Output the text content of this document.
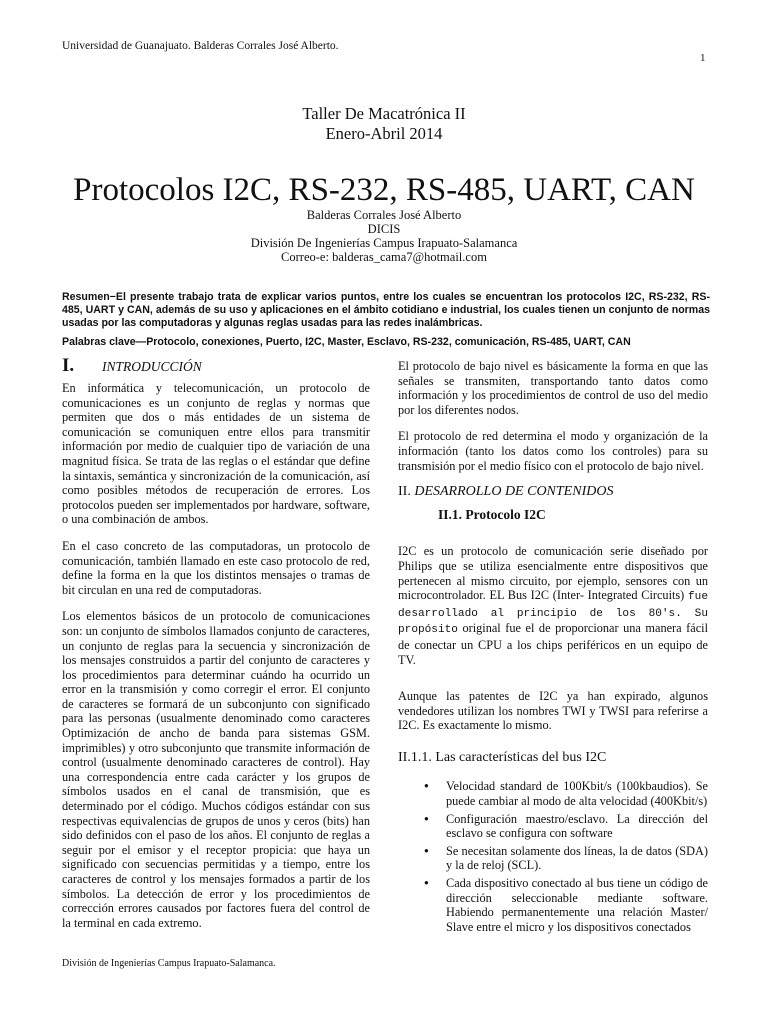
Universidad de Guanajuato. Balderas Corrales José Alberto.
1
Taller De Macatrónica II
Enero-Abril 2014
Protocolos I2C, RS-232, RS-485, UART, CAN
Balderas Corrales José Alberto
DICIS
División De Ingenierías Campus Irapuato-Salamanca
Correo-e: balderas_cama7@hotmail.com
Resumen−El presente trabajo trata de explicar varios puntos, entre los cuales se encuentran los protocolos I2C, RS-232, RS-485, UART y CAN, además de su uso y aplicaciones en el ámbito cotidiano e industrial, los cuales tienen un conjunto de normas usadas por las computadoras y algunas reglas usadas para las redes inalámbricas.
Palabras clave—Protocolo, conexiones, Puerto, I2C, Master, Esclavo, RS-232, comunicación, RS-485, UART, CAN
I. INTRODUCCIÓN

En informática y telecomunicación, un protocolo de comunicaciones es un conjunto de reglas y normas que permiten que dos o más entidades de un sistema de comunicación se comuniquen entre ellos para transmitir información por medio de cualquier tipo de variación de una magnitud física. Se trata de las reglas o el estándar que define la sintaxis, semántica y sincronización de la comunicación, así como posibles métodos de recuperación de errores. Los protocolos pueden ser implementados por hardware, software, o una combinación de ambos.

En el caso concreto de las computadoras, un protocolo de comunicación, también llamado en este caso protocolo de red, define la forma en la que los distintos mensajes o tramas de bit circulan en una red de computadoras.

Los elementos básicos de un protocolo de comunicaciones son: un conjunto de símbolos llamados conjunto de caracteres, un conjunto de reglas para la secuencia y sincronización de los mensajes construidos a partir del conjunto de caracteres y los procedimientos para determinar cuándo ha ocurrido un error en la transmisión y como corregir el error. El conjunto de caracteres se formará de un subconjunto con significado para las personas (usualmente denominado como caracteres Optimización de ancho de banda para sistemas GSM. imprimibles) y otro subconjunto que transmite información de control (usualmente denominado caracteres de control). Hay una correspondencia entre cada carácter y los grupos de símbolos usados en el canal de transmisión, que es determinado por el código. Muchos códigos estándar con sus respectivas equivalencias de grupos de unos y ceros (bits) han sido definidos con el paso de los años. El conjunto de reglas a seguir por el emisor y el receptor propicia: que haya un significado con secuencias permitidas y a tiempo, entre los caracteres de control y los mensajes formados a partir de los símbolos. La detección de error y los procedimientos de corrección errores causados por factores fuera del control de la terminal en cada extremo.

El protocolo de bajo nivel es básicamente la forma en que las señales se transmiten, transportando tanto datos como información y los procedimientos de control de uso del medio por los diferentes nodos.

El protocolo de red determina el modo y organización de la información (tanto los datos como los controles) para su transmisión por el medio físico con el protocolo de bajo nivel.

II. DESARROLLO DE CONTENIDOS
II.1. Protocolo I2C

I2C es un protocolo de comunicación serie diseñado por Philips que se utiliza esencialmente entre dispositivos que pertenecen al mismo circuito, por ejemplo, sensores con un microcontrolador. EL Bus I2C (Inter- Integrated Circuits) fue desarrollado al principio de los 80's. Su propósito original fue el de proporcionar una manera fácil de conectar un CPU a los chips periféricos en un equipo de TV.

Aunque las patentes de I2C ya han expirado, algunos vendedores utilizan los nombres TWI y TWSI para referirse a I2C. Es exactamente lo mismo.

II.1.1. Las características del bus I2C
● Velocidad standard de 100Kbit/s (100kbaudios). Se puede cambiar al modo de alta velocidad (400Kbit/s)
● Configuración maestro/esclavo. La dirección del esclavo se configura con software
● Se necesitan solamente dos líneas, la de datos (SDA) y la de reloj (SCL).
● Cada dispositivo conectado al bus tiene un código de dirección seleccionable mediante software. Habiendo permanentemente una relación Master/ Slave entre el micro y los dispositivos conectados
División de Ingenierías Campus Irapuato-Salamanca.
